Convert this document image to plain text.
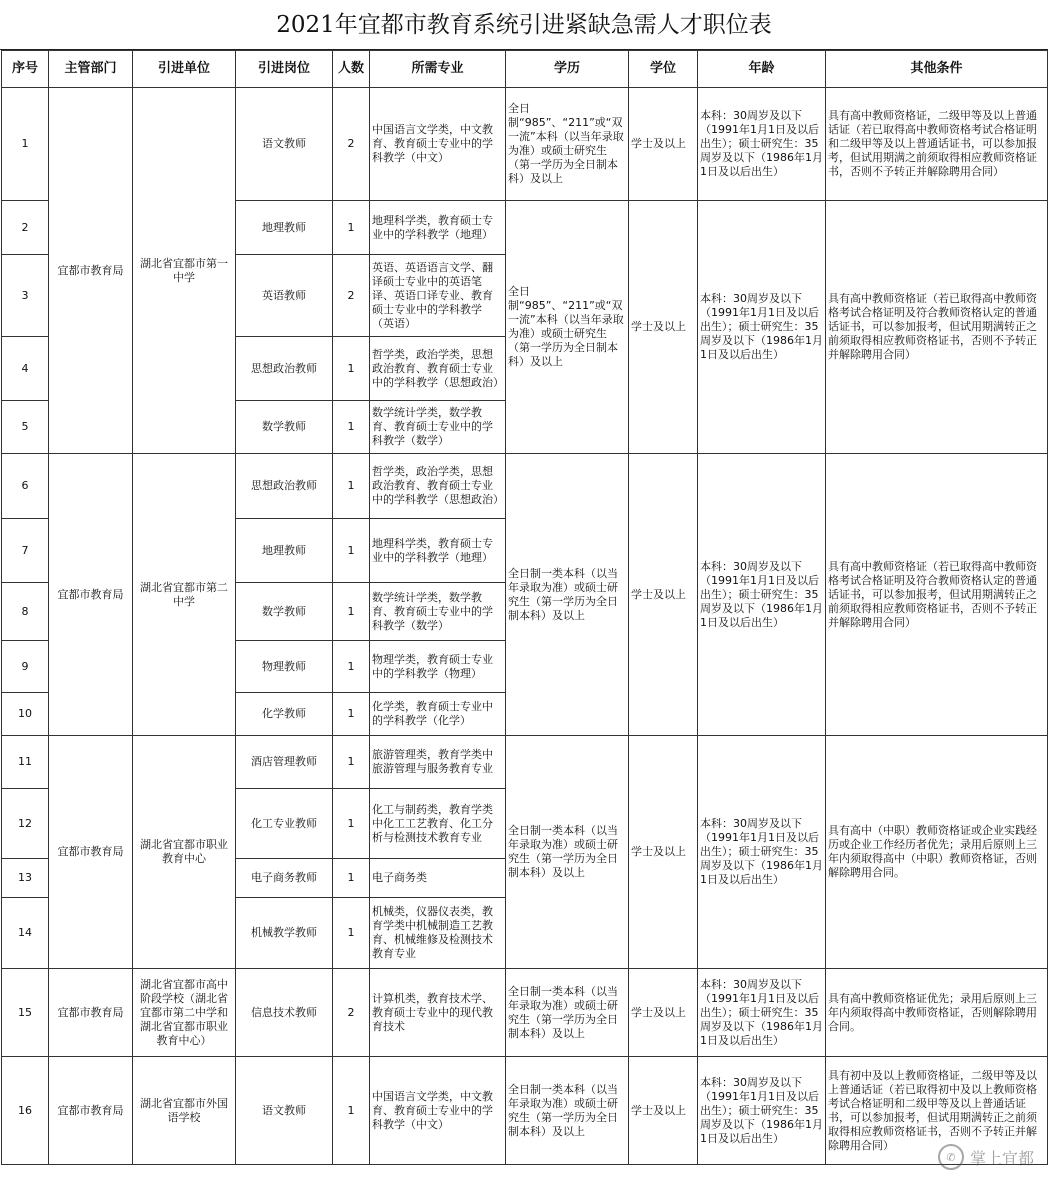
2021年宜都市教育系统引进紧缺急需人才职位表
序号	主管部门	引进单位	引进岗位	人数	所需专业	学历	学位	年龄	其他条件
1	宜都市教育局	湖北省宜都市第一中学	语文教师	2	中国语言文学类，中文教育、教育硕士专业中的学科教学（中文）	全日制“985”、“211”或“双一流”本科（以当年录取为准）或硕士研究生（第一学历为全日制本科）及以上	学士及以上	本科：30周岁及以下（1991年1月1日及以后出生）；硕士研究生：35周岁及以下（1986年1月1日及以后出生）	具有高中教师资格证，二级甲等及以上普通话证（若已取得高中教师资格考试合格证明和二级甲等及以上普通话证书，可以参加报考，但试用期满之前须取得相应教师资格证书，否则不予转正并解除聘用合同）
2			地理教师	1	地理科学类，教育硕士专业中的学科教学（地理）	全日制“985”、“211”或“双一流”本科（以当年录取为准）或硕士研究生（第一学历为全日制本科）及以上	学士及以上	本科：30周岁及以下（1991年1月1日及以后出生）；硕士研究生：35周岁及以下（1986年1月1日及以后出生）	具有高中教师资格证（若已取得高中教师资格考试合格证明及符合教师资格认定的普通话证书，可以参加报考，但试用期满转正之前须取得相应教师资格证书，否则不予转正并解除聘用合同）
3			英语教师	2	英语、英语语言文学、翻译硕士专业中的英语笔译、英语口译专业、教育硕士专业中的学科教学（英语）				
4			思想政治教师	1	哲学类，政治学类，思想政治教育、教育硕士专业中的学科教学（思想政治）				
5			数学教师	1	数学统计学类，数学教育、教育硕士专业中的学科教学（数学）				
6	宜都市教育局	湖北省宜都市第二中学	思想政治教师	1	哲学类，政治学类，思想政治教育、教育硕士专业中的学科教学（思想政治）	全日制一类本科（以当年录取为准）或硕士研究生（第一学历为全日制本科）及以上	学士及以上	本科：30周岁及以下（1991年1月1日及以后出生）；硕士研究生：35周岁及以下（1986年1月1日及以后出生）	具有高中教师资格证（若已取得高中教师资格考试合格证明及符合教师资格认定的普通话证书，可以参加报考，但试用期满转正之前须取得相应教师资格证书，否则不予转正并解除聘用合同）
7			地理教师	1	地理科学类，教育硕士专业中的学科教学（地理）				
8			数学教师	1	数学统计学类，数学教育、教育硕士专业中的学科教学（数学）				
9			物理教师	1	物理学类，教育硕士专业中的学科教学（物理）				
10			化学教师	1	化学类，教育硕士专业中的学科教学（化学）				
11	宜都市教育局	湖北省宜都市职业教育中心	酒店管理教师	1	旅游管理类，教育学类中旅游管理与服务教育专业	全日制一类本科（以当年录取为准）或硕士研究生（第一学历为全日制本科）及以上	学士及以上	本科：30周岁及以下（1991年1月1日及以后出生）；硕士研究生：35周岁及以下（1986年1月1日及以后出生）	具有高中（中职）教师资格证或企业实践经历或企业工作经历者优先；录用后原则上三年内须取得高中（中职）教师资格证，否则解除聘用合同。
12			化工专业教师	1	化工与制药类，教育学类中化工工艺教育、化工分析与检测技术教育专业				
13			电子商务教师	1	电子商务类				
14			机械教学教师	1	机械类，仪器仪表类，教育学类中机械制造工艺教育、机械维修及检测技术教育专业				
15	宜都市教育局	湖北省宜都市高中阶段学校（湖北省宜都市第二中学和湖北省宜都市职业教育中心）	信息技术教师	2	计算机类，教育技术学、教育硕士专业中的现代教育技术	全日制一类本科（以当年录取为准）或硕士研究生（第一学历为全日制本科）及以上	学士及以上	本科：30周岁及以下（1991年1月1日及以后出生）；硕士研究生：35周岁及以下（1986年1月1日及以后出生）	具有高中教师资格证优先；录用后原则上三年内须取得高中教师资格证，否则解除聘用合同。
16	宜都市教育局	湖北省宜都市外国语学校	语文教师	1	中国语言文学类，中文教育、教育硕士专业中的学科教学（中文）	全日制一类本科（以当年录取为准）或硕士研究生（第一学历为全日制本科）及以上	学士及以上	本科：30周岁及以下（1991年1月1日及以后出生）；硕士研究生：35周岁及以下（1986年1月1日及以后出生）	具有初中及以上教师资格证，二级甲等及以上普通话证（若已取得初中及以上教师资格考试合格证明和二级甲等及以上普通话证书，可以参加报考，但试用期满转正之前须取得相应教师资格证书，否则不予转正并解除聘用合同）
✆ 掌上宜都
